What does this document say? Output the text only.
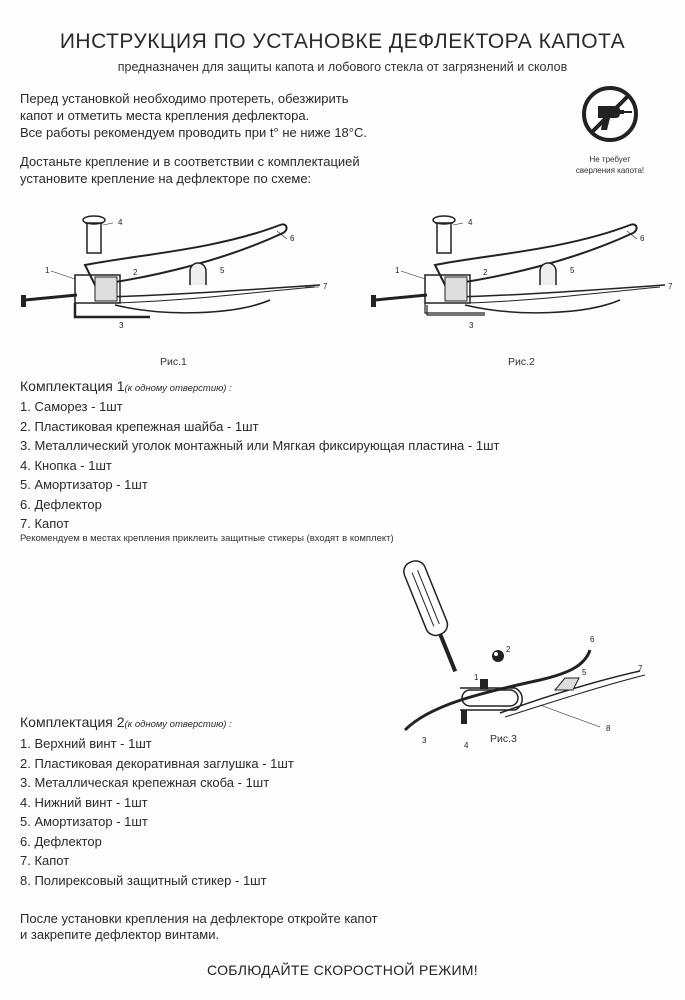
ИНСТРУКЦИЯ ПО УСТАНОВКЕ ДЕФЛЕКТОРА КАПОТА
предназначен для защиты капота и лобового стекла от загрязнений и сколов
Перед установкой необходимо протереть, обезжирить
капот и отметить места крепления дефлектора.
Все работы рекомендуем проводить при t° не ниже 18°C.
Достаньте крепление и в соответствии с комплектацией
установите крепление на дефлекторе по схеме:
Не требует
сверления капота!
1	2
3
4
5
6
7
Рис.1
1	2
3
4
5
6
7
Рис.2
Комплектация 1(к одному отверстию) :
1. Саморез - 1шт
2. Пластиковая крепежная шайба - 1шт
3. Металлический уголок монтажный или Мягкая фиксирующая пластина - 1шт
4. Кнопка - 1шт
5. Амортизатор - 1шт
6. Дефлектор
7. Капот
Рекомендуем в местах крепления приклеить защитные стикеры (входят в комплект)
1
2
3
4
5
6
7
8
Рис.3
Комплектация 2(к одному отверстию) :
1. Верхний винт - 1шт
2. Пластиковая декоративная заглушка - 1шт
3. Металлическая крепежная скоба - 1шт
4. Нижний винт - 1шт
5. Амортизатор - 1шт
6. Дефлектор
7. Капот
8. Полирексовый защитный стикер - 1шт
После установки крепления на дефлекторе откройте капот
и закрепите дефлектор винтами.
СОБЛЮДАЙТЕ СКОРОСТНОЙ РЕЖИМ!
